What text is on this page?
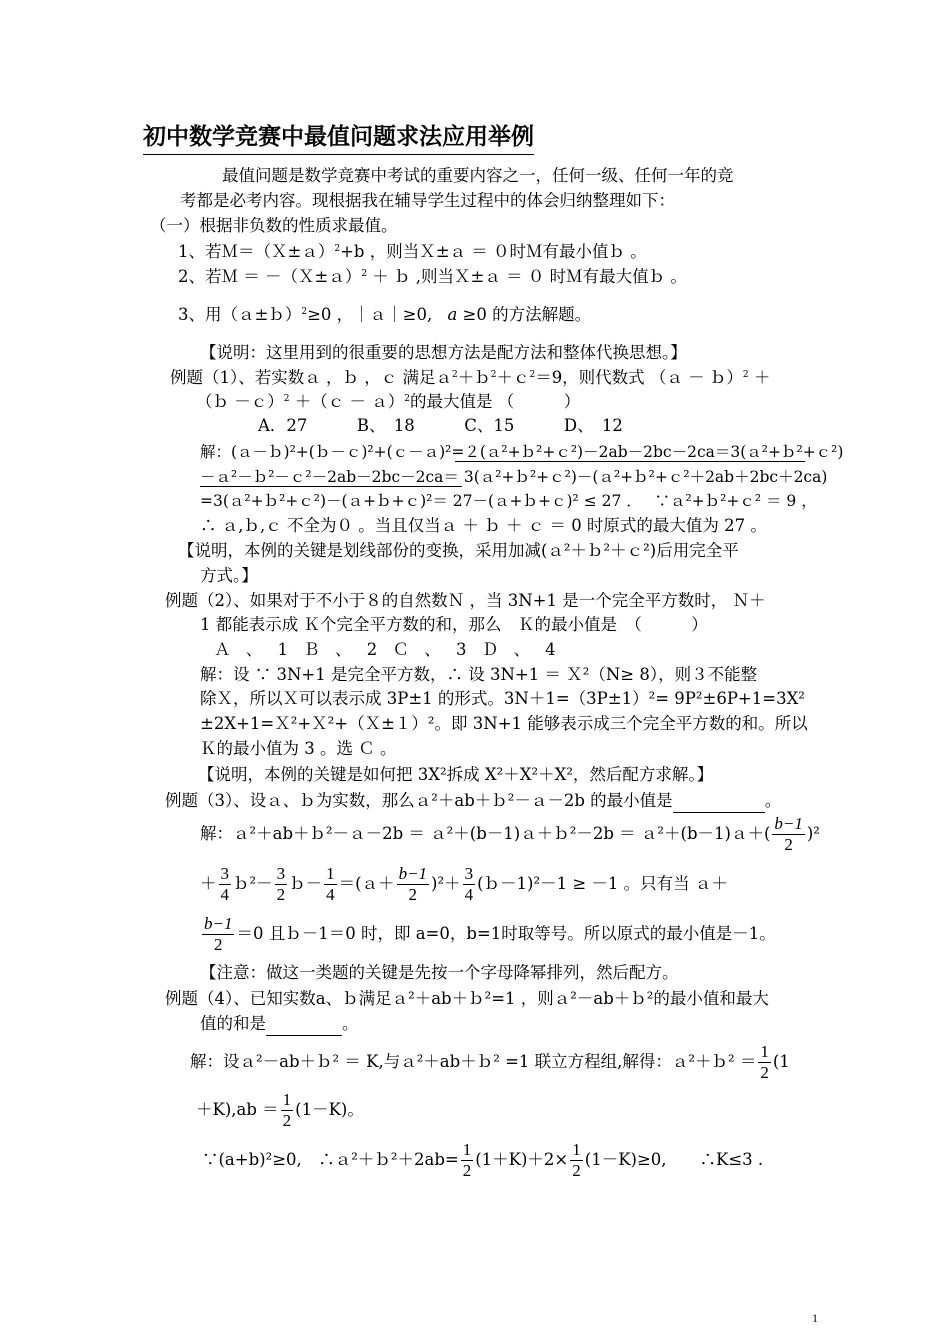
初中数学竞赛中最值问题求法应用举例
最值问题是数学竞赛中考试的重要内容之一，任何一级、任何一年的竞
考都是必考内容。现根据我在辅导学生过程中的体会归纳整理如下：
（一）根据非负数的性质求最值。
1、若Ｍ＝（Ｘ±ａ）$^2$+b ，则当Ｘ±ａ ＝ ０时Ｍ有最小值ｂ 。
2、若Ｍ ＝ －（Ｘ±ａ）$^2$ ＋ ｂ ,则当Ｘ±ａ ＝ ０ 时Ｍ有最大值ｂ 。
3、用（ａ±ｂ）$^2$≥0 ，｜ａ｜≥0, a ≥0 的方法解题。
【说明：这里用到的很重要的思想方法是配方法和整体代换思想。】
例题（1）、若实数ａ ，ｂ ，ｃ 满足ａ$^2$＋ｂ$^2$＋ｃ$^2$＝9，则代数式 （ａ － ｂ）$^2$ ＋
（ｂ －ｃ）$^2$ ＋（ｃ － ａ）$^2$的最大值是 （　　　）
A．27　　　B、　18　　　C、15　　　D、　12
解：(ａ－ｂ)²+(ｂ－ｃ)²+(ｃ－ａ)²=２(ａ²+ｂ²+ｃ²)－2ab－2bc－2ca＝3(ａ²+ｂ²+ｃ²)
－ａ²－ｂ²－ｃ²－2ab－2bc－2ca＝ 3(ａ²+ｂ²+ｃ²)－(ａ²+ｂ²+ｃ²＋2ab＋2bc＋2ca)
=3(ａ²+ｂ²+ｃ²)－(ａ+ｂ+ｃ)²＝ 27－(ａ+ｂ+ｃ)² ≤ 27 ．　 ∵ａ²+ｂ²+ｃ² ＝ 9 ，
∴ ａ,ｂ,ｃ 不全为０ 。当且仅当ａ ＋ ｂ ＋ ｃ ＝ 0 时原式的最大值为 27 。
【说明，本例的关键是划线部份的变换，采用加减(ａ²＋ｂ²＋ｃ²)后用完全平
方式。】
例题（2）、如果对于不小于８的自然数Ｎ ，当 3N+1 是一个完全平方数时， Ｎ＋
1 都能表示成 Ｋ个完全平方数的和，那么　Ｋ的最小值是　（　　　）
Ａ 、 1 Ｂ 、 2 Ｃ 、 3 Ｄ 、 4
解：设 ∵ 3N+1 是完全平方数，∴ 设 3N+1 ＝ Ｘ²（N≥ 8），则３不能整
除Ｘ，所以Ｘ可以表示成 3P±1 的形式。3N＋1=（3P±1）²= 9P²±6P+1=3X²
±2X+1=Ｘ²+Ｘ²+（Ｘ±１）²。即 3N+1 能够表示成三个完全平方数的和。所以
Ｋ的最小值为 3 。选 Ｃ 。
【说明，本例的关键是如何把 3X²拆成 X²＋X²＋X²，然后配方求解。】
例题（3）、设ａ、ｂ为实数，那么ａ²＋ab＋ｂ²－ａ－2b 的最小值是	。
解：ａ²＋ab＋ｂ²－ａ－2b ＝ ａ²＋(b－1)ａ＋ｂ²－2b ＝ ａ²＋(b－1)ａ＋( $\frac{b-1}{2} )^2$
＋ $\frac{3}{4}$ ｂ²－ $\frac{3}{2}$ ｂ－ $\frac{1}{4}$ ＝(ａ＋ $\frac{b-1}{2} )^2+ \frac{3}{4}$ (ｂ－1)²－1 ≥ －1 。只有当 ａ＋
$\frac{b-1}{2} =0$ 且ｂ－1＝0 时，即 a=0，b=1时取等号。所以原式的最小值是－1。
【注意：做这一类题的关键是先按一个字母降幂排列，然后配方。
例题（4）、已知实数a、ｂ满足ａ²＋ab＋ｂ²=1 ，则ａ²－ab＋ｂ²的最小值和最大
值的和是	。
解：设ａ²－ab＋ｂ² ＝ K,与ａ²＋ab＋ｂ² =1 联立方程组,解得：ａ²＋ｂ² ＝ $\frac{1}{2} (1$
$+K),ab = \frac{1}{2} (1-K)$。
∵(a+b)²≥0,　∴ａ²＋ｂ²＋2ab= $\frac{1}{2} (1+K)+2\times \frac{1}{2} (1-K)\ge 0$,　　∴K≤3 .
1
